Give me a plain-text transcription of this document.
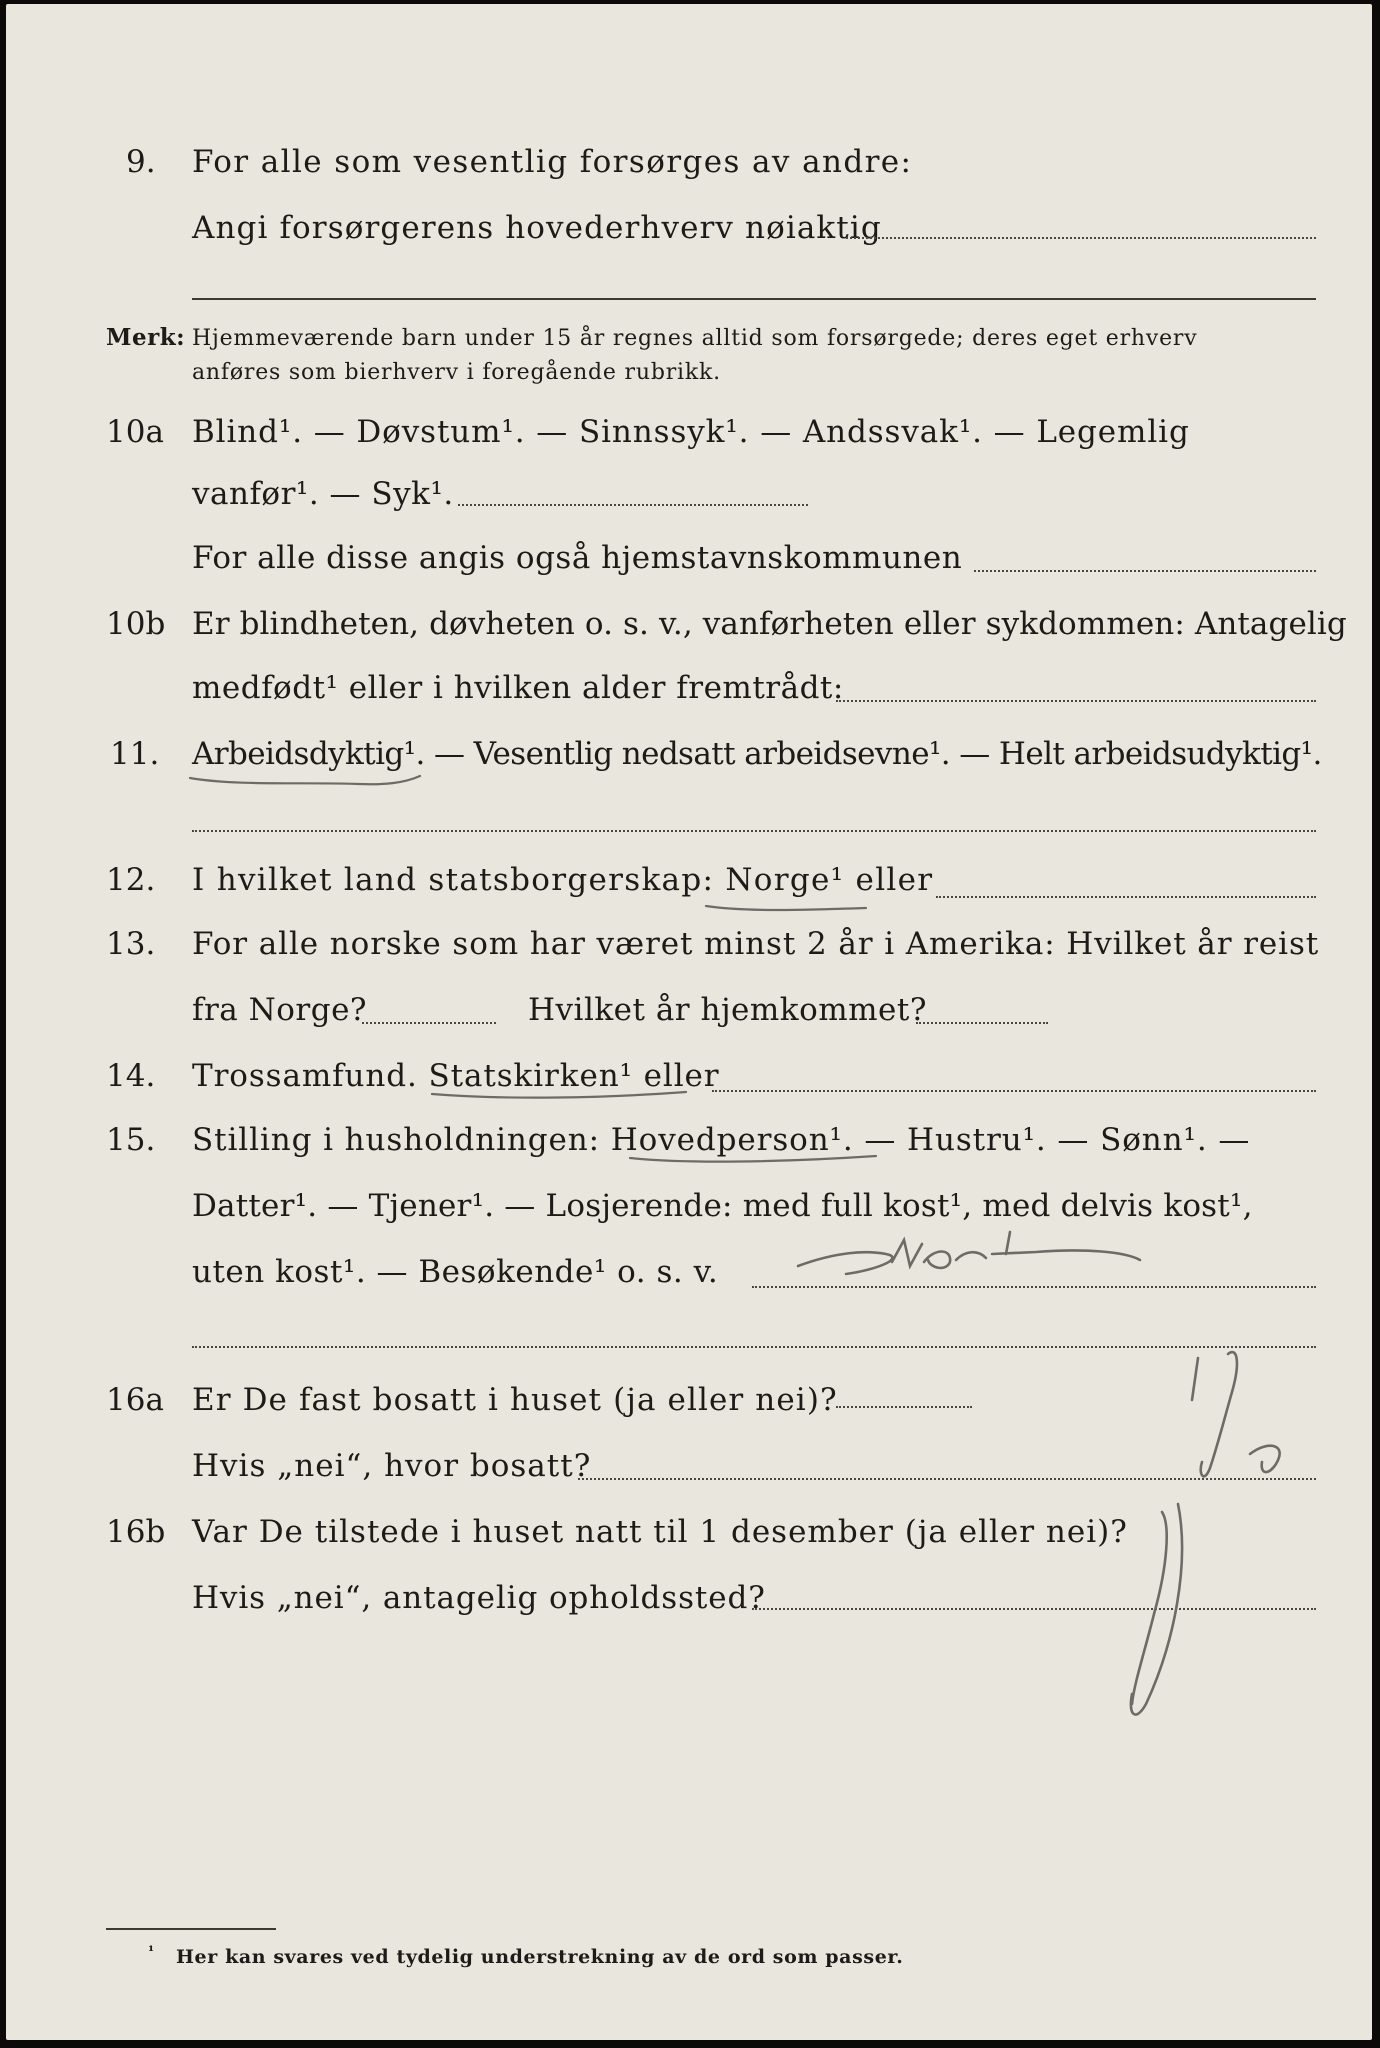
9. For alle som vesentlig forsørges av andre:
Angi forsørgerens hovederhverv nøiaktig
Merk: Hjemmeværende barn under 15 år regnes alltid som forsørgede; deres eget erhverv
anføres som bierhverv i foregående rubrikk.
10a Blind¹. — Døvstum¹. — Sinnssyk¹. — Andssvak¹. — Legemlig
vanfør¹. — Syk¹.
For alle disse angis også hjemstavnskommunen
10b Er blindheten, døvheten o. s. v., vanførheten eller sykdommen: Antagelig
medfødt¹ eller i hvilken alder fremtrådt:
11. Arbeidsdyktig¹. — Vesentlig nedsatt arbeidsevne¹. — Helt arbeidsudyktig¹.
12. I hvilket land statsborgerskap: Norge¹ eller
13. For alle norske som har været minst 2 år i Amerika: Hvilket år reist
fra Norge?	Hvilket år hjemkommet?
14. Trossamfund. Statskirken¹ eller
15. Stilling i husholdningen: Hovedperson¹. — Hustru¹. — Sønn¹. —
Datter¹. — Tjener¹. — Losjerende: med full kost¹, med delvis kost¹,
uten kost¹. — Besøkende¹ o. s. v.
16a Er De fast bosatt i huset (ja eller nei)?
Hvis „nei“, hvor bosatt?
16b Var De tilstede i huset natt til 1 desember (ja eller nei)?
Hvis „nei“, antagelig opholdssted?
¹ Her kan svares ved tydelig understrekning av de ord som passer.
